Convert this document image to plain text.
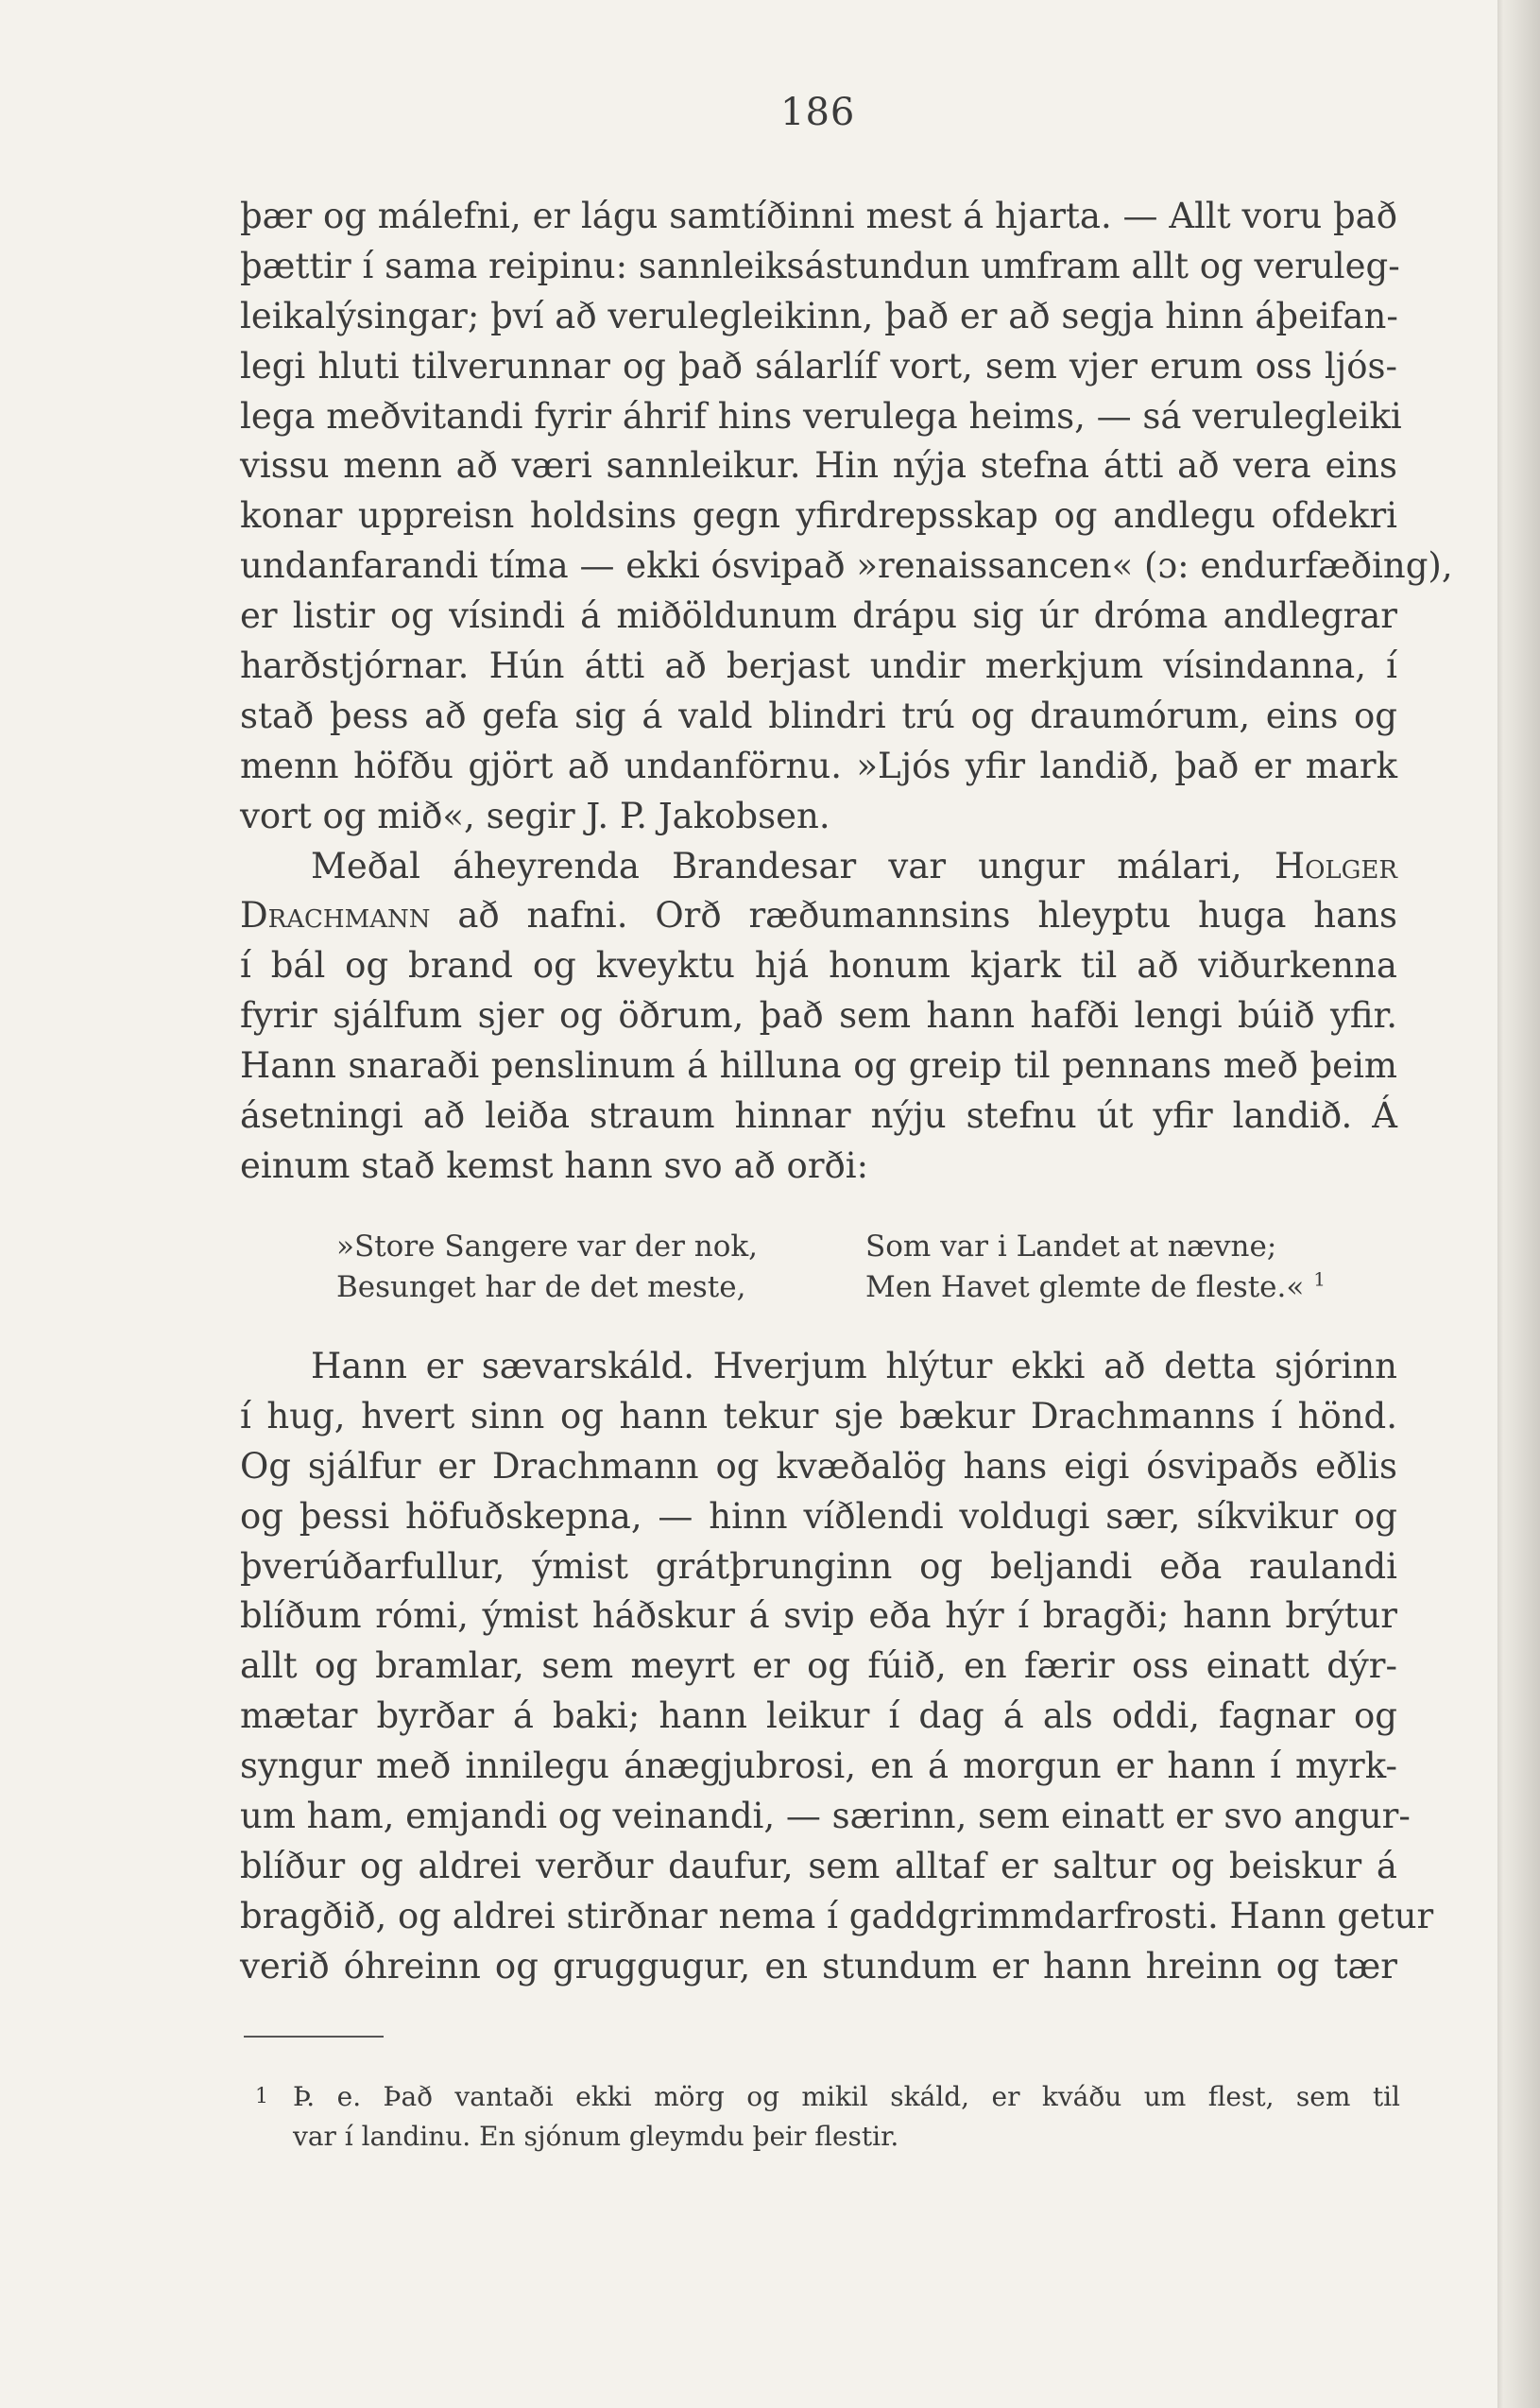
186
þær og málefni, er lágu samtíðinni mest á hjarta. — Allt voru það
þættir í sama reipinu: sannleiksástundun umfram allt og veruleg-
leikalýsingar; því að verulegleikinn, það er að segja hinn áþeifan-
legi hluti tilverunnar og það sálarlíf vort, sem vjer erum oss ljós-
lega meðvitandi fyrir áhrif hins verulega heims, — sá verulegleiki
vissu menn að væri sannleikur. Hin nýja stefna átti að vera eins
konar uppreisn holdsins gegn yfirdrepsskap og andlegu ofdekri
undanfarandi tíma — ekki ósvipað »renaissancen« (ɔ: endurfæðing),
er listir og vísindi á miðöldunum drápu sig úr dróma andlegrar
harðstjórnar. Hún átti að berjast undir merkjum vísindanna, í
stað þess að gefa sig á vald blindri trú og draumórum, eins og
menn höfðu gjört að undanförnu. »Ljós yfir landið, það er mark
vort og mið«, segir J. P. Jakobsen.
Meðal áheyrenda Brandesar var ungur málari, Holger
Drachmann að nafni. Orð ræðumannsins hleyptu huga hans
í bál og brand og kveyktu hjá honum kjark til að viðurkenna
fyrir sjálfum sjer og öðrum, það sem hann hafði lengi búið yfir.
Hann snaraði penslinum á hilluna og greip til pennans með þeim
ásetningi að leiða straum hinnar nýju stefnu út yfir landið. Á
einum stað kemst hann svo að orði:
»Store Sangere var der nok,	Som var i Landet at nævne;
Besunget har de det meste,	Men Havet glemte de fleste.« $^1$
Hann er sævarskáld. Hverjum hlýtur ekki að detta sjórinn
í hug, hvert sinn og hann tekur sje bækur Drachmanns í hönd.
Og sjálfur er Drachmann og kvæðalög hans eigi ósvipaðs eðlis
og þessi höfuðskepna, — hinn víðlendi voldugi sær, síkvikur og
þverúðarfullur, ýmist grátþrunginn og beljandi eða raulandi
blíðum rómi, ýmist háðskur á svip eða hýr í bragði; hann brýtur
allt og bramlar, sem meyrt er og fúið, en færir oss einatt dýr-
mætar byrðar á baki; hann leikur í dag á als oddi, fagnar og
syngur með innilegu ánægjubrosi, en á morgun er hann í myrk-
um ham, emjandi og veinandi, — særinn, sem einatt er svo angur-
blíður og aldrei verður daufur, sem alltaf er saltur og beiskur á
bragðið, og aldrei stirðnar nema í gaddgrimmdarfrosti. Hann getur
verið óhreinn og gruggugur, en stundum er hann hreinn og tær
1 Þ. e. Það vantaði ekki mörg og mikil skáld, er kváðu um flest, sem til
var í landinu. En sjónum gleymdu þeir flestir.
